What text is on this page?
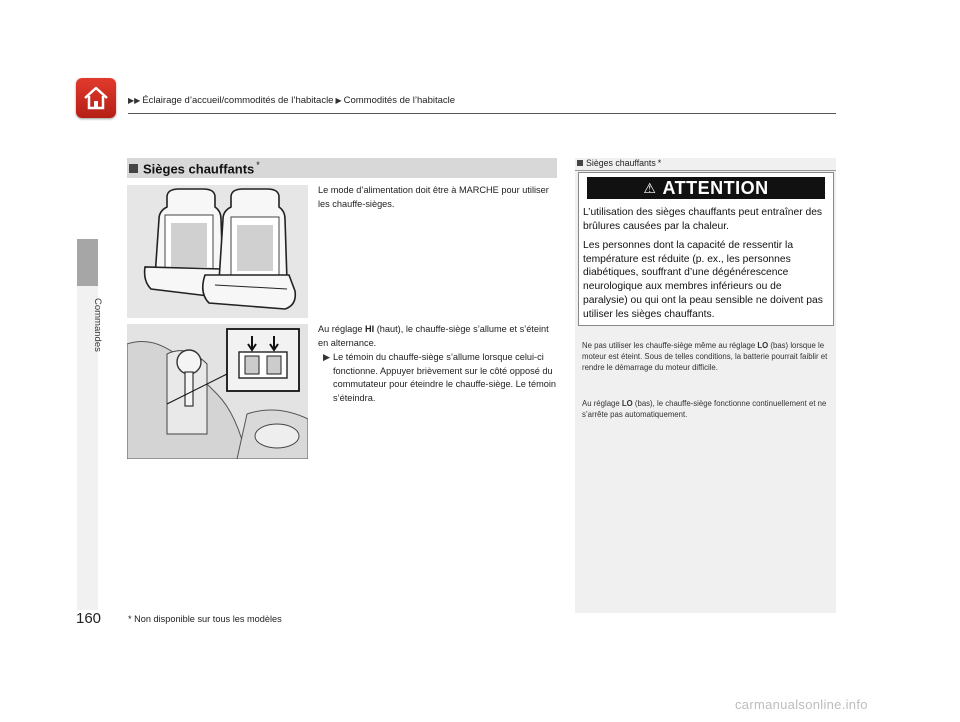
▶▶ Éclairage d’accueil/commodités de l’habitacle ▶ Commodités de l’habitacle
Commandes
Sièges chauffants *
Le mode d’alimentation doit être à MARCHE pour utiliser les chauffe-sièges.
Au réglage HI (haut), le chauffe-siège s’allume et s’éteint en alternance.
▶ Le témoin du chauffe-siège s’allume lorsque celui-ci fonctionne. Appuyer brièvement sur le côté opposé du commutateur pour éteindre le chauffe-siège. Le témoin s’éteindra.
Sièges chauffants *
⚠ ATTENTION
L’utilisation des sièges chauffants peut entraîner des brûlures causées par la chaleur.
Les personnes dont la capacité de ressentir la température est réduite (p. ex., les personnes diabétiques, souffrant d’une dégénérescence neurologique aux membres inférieurs ou de paralysie) ou qui ont la peau sensible ne doivent pas utiliser les sièges chauffants.
Ne pas utiliser les chauffe-siège même au réglage LO (bas) lorsque le moteur est éteint. Sous de telles conditions, la batterie pourrait faiblir et rendre le démarrage du moteur difficile.
Au réglage LO (bas), le chauffe-siège fonctionne continuellement et ne s’arrête pas automatiquement.
160	* Non disponible sur tous les modèles
carmanualsonline.info
